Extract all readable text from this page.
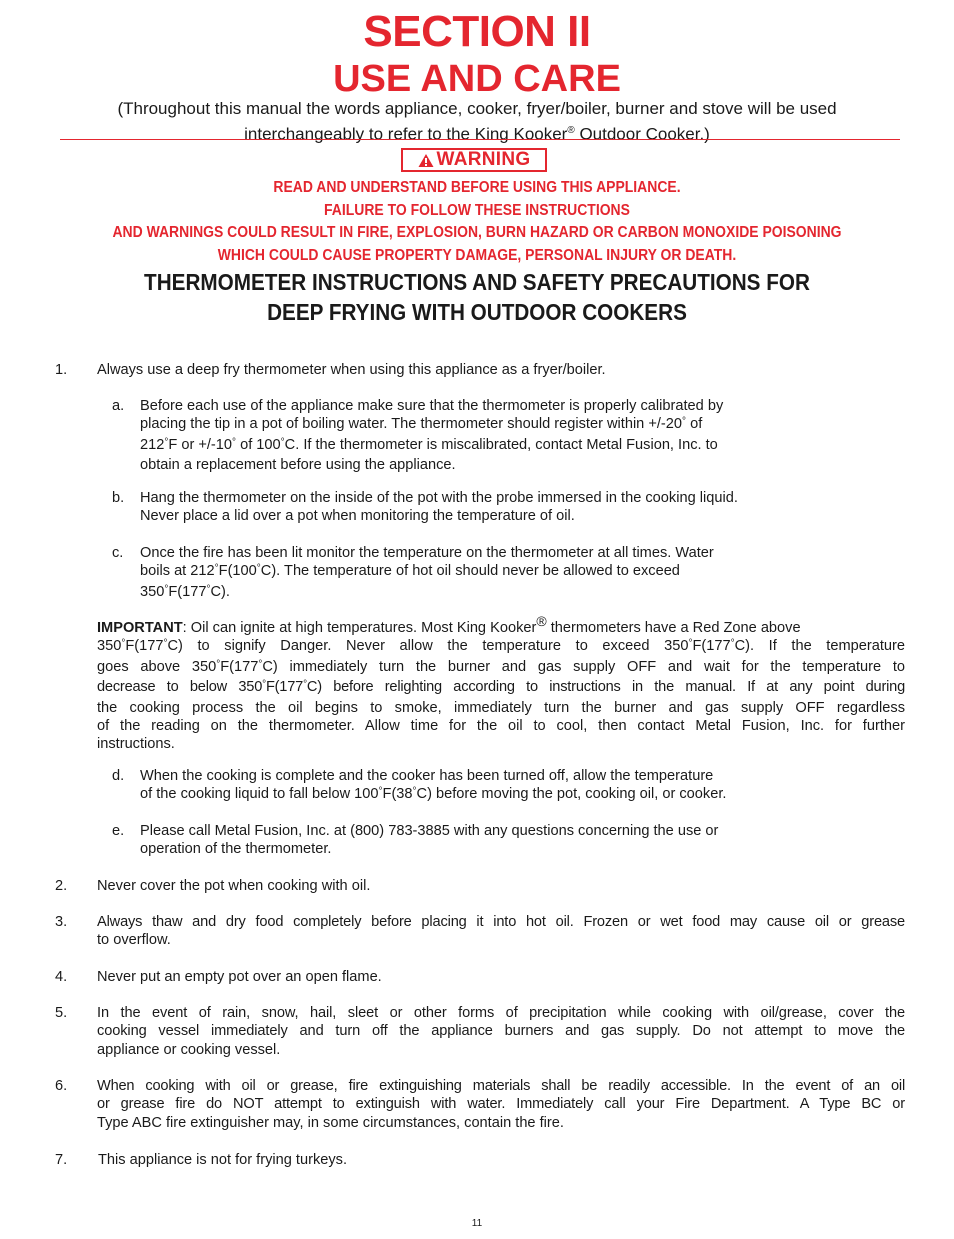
SECTION II
USE AND CARE
(Throughout this manual the words appliance, cooker, fryer/boiler, burner and stove will be used
interchangeably to refer to the King Kooker® Outdoor Cooker.)
WARNING
READ AND UNDERSTAND BEFORE USING THIS APPLIANCE.
FAILURE TO FOLLOW THESE INSTRUCTIONS
AND WARNINGS COULD RESULT IN FIRE, EXPLOSION, BURN HAZARD OR CARBON MONOXIDE POISONING
WHICH COULD CAUSE PROPERTY DAMAGE, PERSONAL INJURY OR DEATH.
THERMOMETER INSTRUCTIONS AND SAFETY PRECAUTIONS FOR
DEEP FRYING WITH OUTDOOR COOKERS
1. Always use a deep fry thermometer when using this appliance as a fryer/boiler.
a. Before each use of the appliance make sure that the thermometer is properly calibrated by
placing the tip in a pot of boiling water. The thermometer should register within +/-20° of
212°F or +/-10° of 100°C. If the thermometer is miscalibrated, contact Metal Fusion, Inc. to
obtain a replacement before using the appliance.
b. Hang the thermometer on the inside of the pot with the probe immersed in the cooking liquid.
Never place a lid over a pot when monitoring the temperature of oil.
c. Once the fire has been lit monitor the temperature on the thermometer at all times. Water
boils at 212°F(100°C). The temperature of hot oil should never be allowed to exceed
350°F(177°C).
IMPORTANT: Oil can ignite at high temperatures. Most King Kooker® thermometers have a Red Zone above
350°F(177°C) to signify Danger. Never allow the temperature to exceed 350°F(177°C). If the temperature
goes above 350°F(177°C) immediately turn the burner and gas supply OFF and wait for the temperature to
decrease to below 350°F(177°C) before relighting according to instructions in the manual. If at any point during
the cooking process the oil begins to smoke, immediately turn the burner and gas supply OFF regardless
of the reading on the thermometer. Allow time for the oil to cool, then contact Metal Fusion, Inc. for further
instructions.
d. When the cooking is complete and the cooker has been turned off, allow the temperature
of the cooking liquid to fall below 100°F(38°C) before moving the pot, cooking oil, or cooker.
e. Please call Metal Fusion, Inc. at (800) 783-3885 with any questions concerning the use or
operation of the thermometer.
2. Never cover the pot when cooking with oil.
3. Always thaw and dry food completely before placing it into hot oil. Frozen or wet food may cause oil or grease
to overflow.
4. Never put an empty pot over an open flame.
5. In the event of rain, snow, hail, sleet or other forms of precipitation while cooking with oil/grease, cover the
cooking vessel immediately and turn off the appliance burners and gas supply. Do not attempt to move the
appliance or cooking vessel.
6. When cooking with oil or grease, fire extinguishing materials shall be readily accessible. In the event of an oil
or grease fire do NOT attempt to extinguish with water. Immediately call your Fire Department. A Type BC or
Type ABC fire extinguisher may, in some circumstances, contain the fire.
7. This appliance is not for frying turkeys.
11
